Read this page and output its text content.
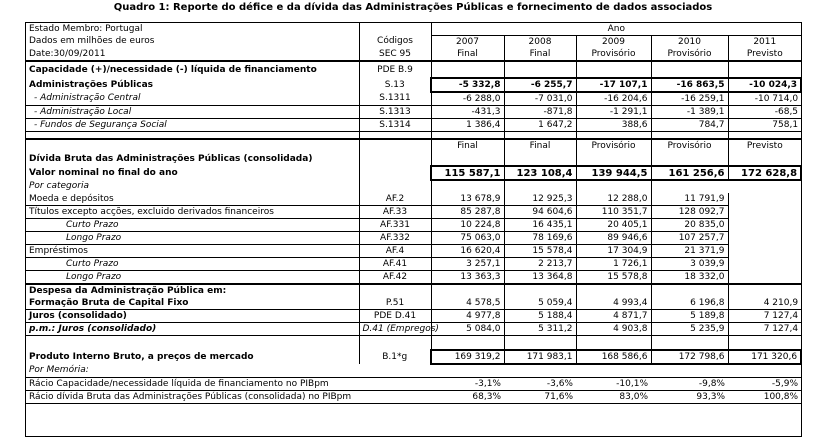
Quadro 1: Reporte do défice e da dívida das Administrações Públicas e fornecimento de dados associados
Estado Membro: Portugal		Ano				
Dados em milhões de euros	Códigos	2007	2008	2009	2010	2011
Date:30/09/2011	SEC 95	Final	Final	Provisório	Provisório	Previsto
Capacidade (+)/necessidade (-) líquida de financiamento	PDE B.9					
Administrações Públicas	S.13	-5 332,8	-6 255,7	-17 107,1	-16 863,5	-10 024,3
- Administração Central	S.1311	-6 288,0	-7 031,0	-16 204,6	-16 259,1	-10 714,0
- Administração Local	S.1313	-431,3	-871,8	-1 291,1	-1 389,1	-68,5
- Fundos de Segurança Social	S.1314	1 386,4	1 647,2	388,6	784,7	758,1

		Final	Final	Provisório	Provisório	Previsto
Dívida Bruta das Administrações Públicas (consolidada)						
Valor nominal no final do ano		115 587,1	123 108,4	139 944,5	161 256,6	172 628,8
Por categoria						
Moeda e depósitos	AF.2	13 678,9	12 925,3	12 288,0	11 791,9	
Títulos excepto acções, excluido derivados financeiros	AF.33	85 287,8	94 604,6	110 351,7	128 092,7	
Curto Prazo	AF.331	10 224,8	16 435,1	20 405,1	20 835,0	
Longo Prazo	AF.332	75 063,0	78 169,6	89 946,6	107 257,7	
Empréstimos	AF.4	16 620,4	15 578,4	17 304,9	21 371,9	
Curto Prazo	AF.41	3 257,1	2 213,7	1 726,1	3 039,9	
Longo Prazo	AF.42	13 363,3	13 364,8	15 578,8	18 332,0	
Despesa da Administração Pública em:						
Formação Bruta de Capital Fixo	P.51	4 578,5	5 059,4	4 993,4	6 196,8	4 210,9
Juros (consolidado)	PDE D.41	4 977,8	5 188,4	4 871,7	5 189,8	7 127,4
p.m.: Juros (consolidado)	D.41 (Empregos)	5 084,0	5 311,2	4 903,8	5 235,9	7 127,4

Produto Interno Bruto, a preços de mercado	B.1*g	169 319,2	171 983,1	168 586,6	172 798,6	171 320,6
Por Memória:						
Rácio Capacidade/necessidade líquida de financiamento no PIBpm		-3,1%	-3,6%	-10,1%	-9,8%	-5,9%
Rácio dívida Bruta das Administrações Públicas (consolidada) no PIBpm		68,3%	71,6%	83,0%	93,3%	100,8%
